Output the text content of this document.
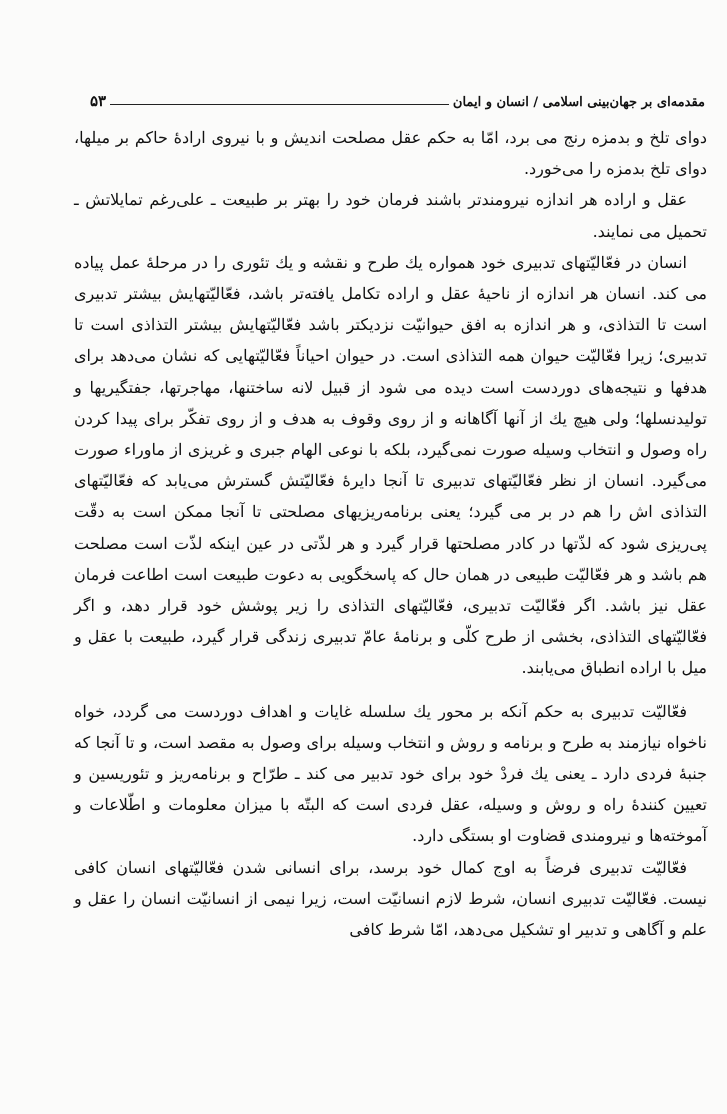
مقدمه‌ای بر جهان‌بینی اسلامی / انسان و ایمان
۵۳

دوای تلخ و بدمزه رنج می برد، امّا به حکم عقل مصلحت اندیش و با نیروی ارادهٔ حاکم بر میلها، دوای تلخ بدمزه را می‌خورد.

عقل و اراده هر اندازه نیرومندتر باشند فرمان خود را بهتر بر طبیعت ـ علی‌رغم تمایلاتش ـ تحمیل می نمایند.

انسان در فعّالیّتهای تدبیری خود همواره یك طرح و نقشه و یك تئوری را در مرحلهٔ عمل پیاده می کند. انسان هر اندازه از ناحیهٔ عقل و اراده تکامل یافته‌تر باشد، فعّالیّتهایش بیشتر تدبیری است تا التذاذی، و هر اندازه به افق حیوانیّت نزدیکتر باشد فعّالیّتهایش بیشتر التذاذی است تا تدبیری؛ زیرا فعّالیّت حیوان همه التذاذی است. در حیوان احیاناً فعّالیّتهایی که نشان می‌دهد برای هدفها و نتیجه‌های دوردست است دیده می شود از قبیل لانه ساختنها، مهاجرتها، جفتگیریها و تولیدنسلها؛ ولی هیچ یك از آنها آگاهانه و از روی وقوف به هدف و از روی تفکّر برای پیدا کردن راه وصول و انتخاب وسیله صورت نمی‌گیرد، بلکه با نوعی الهام جبری و غریزی از ماوراء صورت می‌گیرد. انسان از نظر فعّالیّتهای تدبیری تا آنجا دایرهٔ فعّالیّتش گسترش می‌یابد که فعّالیّتهای التذاذی اش را هم در بر می گیرد؛ یعنی برنامه‌ریزیهای مصلحتی تا آنجا ممکن است به دقّت پی‌ریزی شود که لذّتها در کادر مصلحتها قرار گیرد و هر لذّتی در عین اینکه لذّت است مصلحت هم باشد و هر فعّالیّت طبیعی در همان حال که پاسخگویی به دعوت طبیعت است اطاعت فرمان عقل نیز باشد. اگر فعّالیّت تدبیری، فعّالیّتهای التذاذی را زیر پوشش خود قرار دهد، و اگر فعّالیّتهای التذاذی، بخشی از طرح کلّی و برنامهٔ عامّ تدبیری زندگی قرار گیرد، طبیعت با عقل و میل با اراده انطباق می‌یابند.

فعّالیّت تدبیری به حکم آنکه بر محور یك سلسله غایات و اهداف دوردست می گردد، خواه ناخواه نیازمند به طرح و برنامه و روش و انتخاب وسیله برای وصول به مقصد است، و تا آنجا که جنبهٔ فردی دارد ـ یعنی یك فردْ خود برای خود تدبیر می کند ـ طرّاح و برنامه‌ریز و تئوریسین و تعیین کنندهٔ راه و روش و وسیله، عقل فردی است که البتّه با میزان معلومات و اطّلاعات و آموخته‌ها و نیرومندی قضاوت او بستگی دارد.

فعّالیّت تدبیری فرضاً به اوج کمال خود برسد، برای انسانی شدن فعّالیّتهای انسان کافی نیست. فعّالیّت تدبیری انسان، شرط لازم انسانیّت است، زیرا نیمی از انسانیّت انسان را عقل و علم و آگاهی و تدبیر او تشکیل می‌دهد، امّا شرط کافی
